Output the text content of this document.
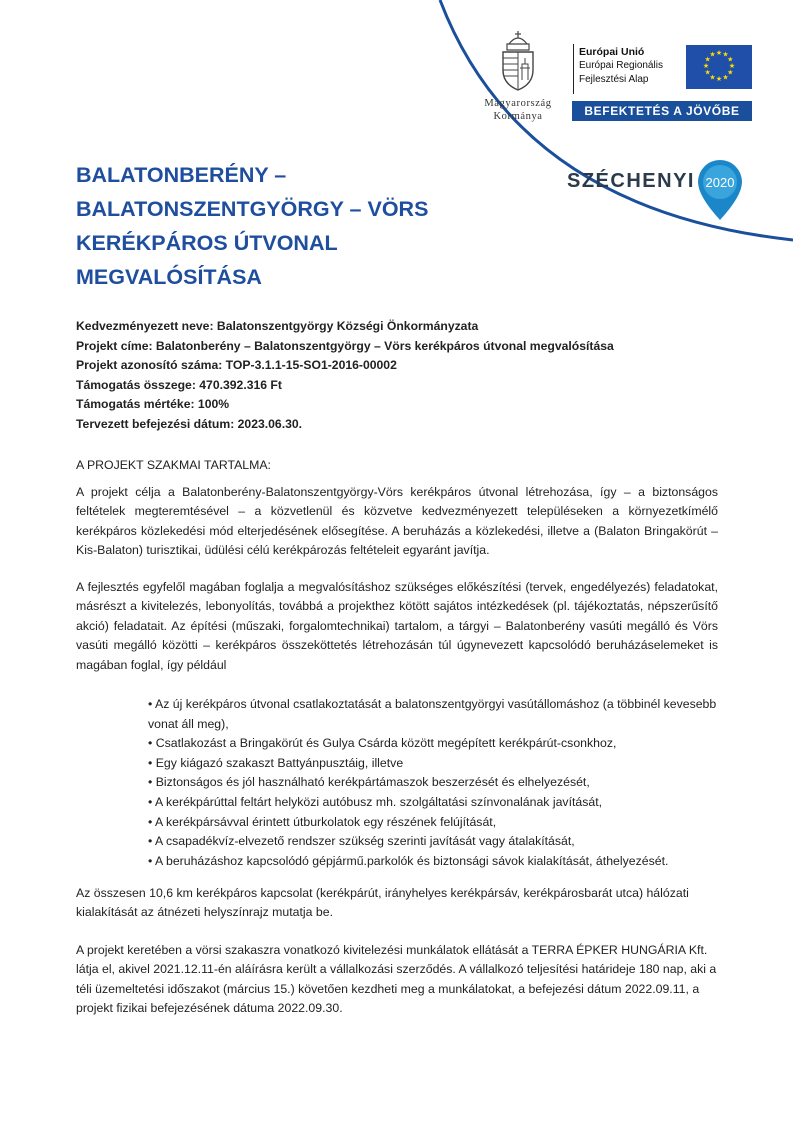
Magyarország
Kormánya
Európai Unió
Európai Regionális
Fejlesztési Alap
★ ★
★
★
★
★
★
★
★
★
★
★
BEFEKTETÉS A JÖVŐBE
SZÉCHENYI 2020
BALATONBERÉNY –
BALATONSZENTGYÖRGY – VÖRS
KERÉKPÁROS ÚTVONAL
MEGVALÓSÍTÁSA
Kedvezményezett neve: Balatonszentgyörgy Községi Önkormányzata
Projekt címe: Balatonberény – Balatonszentgyörgy – Vörs kerékpáros útvonal megvalósítása
Projekt azonosító száma: TOP-3.1.1-15-SO1-2016-00002
Támogatás összege: 470.392.316 Ft
Támogatás mértéke: 100%
Tervezett befejezési dátum: 2023.06.30.
A PROJEKT SZAKMAI TARTALMA:

A projekt célja a Balatonberény-Balatonszentgyörgy-Vörs kerékpáros útvonal létrehozása, így – a biztonságos feltételek megteremtésével – a közvetlenül és közvetve kedvezményezett településeken a környezetkímélő kerékpáros közlekedési mód elterjedésének elősegítése. A beruházás a közlekedési, illetve a (Balaton Bringakörút – Kis-Balaton) turisztikai, üdülési célú kerékpározás feltételeit egyaránt javítja.

A fejlesztés egyfelől magában foglalja a megvalósításhoz szükséges előkészítési (tervek, engedélyezés) feladatokat, másrészt a kivitelezés, lebonyolítás, továbbá a projekthez kötött sajátos intézkedések (pl. tájékoztatás, népszerűsítő akció) feladatait. Az építési (műszaki, forgalomtechnikai) tartalom, a tárgyi – Balatonberény vasúti megálló és Vörs vasúti megálló közötti – kerékpáros összeköttetés létrehozásán túl úgynevezett kapcsolódó beruházáselemeket is magában foglal, így például

• Az új kerékpáros útvonal csatlakoztatását a balatonszentgyörgyi vasútállomáshoz (a többinél kevesebb vonat áll meg),
• Csatlakozást a Bringakörút és Gulya Csárda között megépített kerékpárút-csonkhoz,
• Egy kiágazó szakaszt Battyánpusztáig, illetve
• Biztonságos és jól használható kerékpártámaszok beszerzését és elhelyezését,
• A kerékpárúttal feltárt helyközi autóbusz mh. szolgáltatási színvonalának javítását,
• A kerékpársávval érintett útburkolatok egy részének felújítását,
• A csapadékvíz-elvezető rendszer szükség szerinti javítását vagy átalakítását,
• A beruházáshoz kapcsolódó gépjármű.parkolók és biztonsági sávok kialakítását, áthelyezését.

Az összesen 10,6 km kerékpáros kapcsolat (kerékpárút, irányhelyes kerékpársáv, kerékpárosbarát utca) hálózati kialakítását az átnézeti helyszínrajz mutatja be.

A projekt keretében a vörsi szakaszra vonatkozó kivitelezési munkálatok ellátását a TERRA ÉPKER HUNGÁRIA Kft. látja el, akivel 2021.12.11-én aláírásra került a vállalkozási szerződés. A vállalkozó teljesítési határideje 180 nap, aki a téli üzemeltetési időszakot (március 15.) követően kezdheti meg a munkálatokat, a befejezési dátum 2022.09.11, a projekt fizikai befejezésének dátuma 2022.09.30.
